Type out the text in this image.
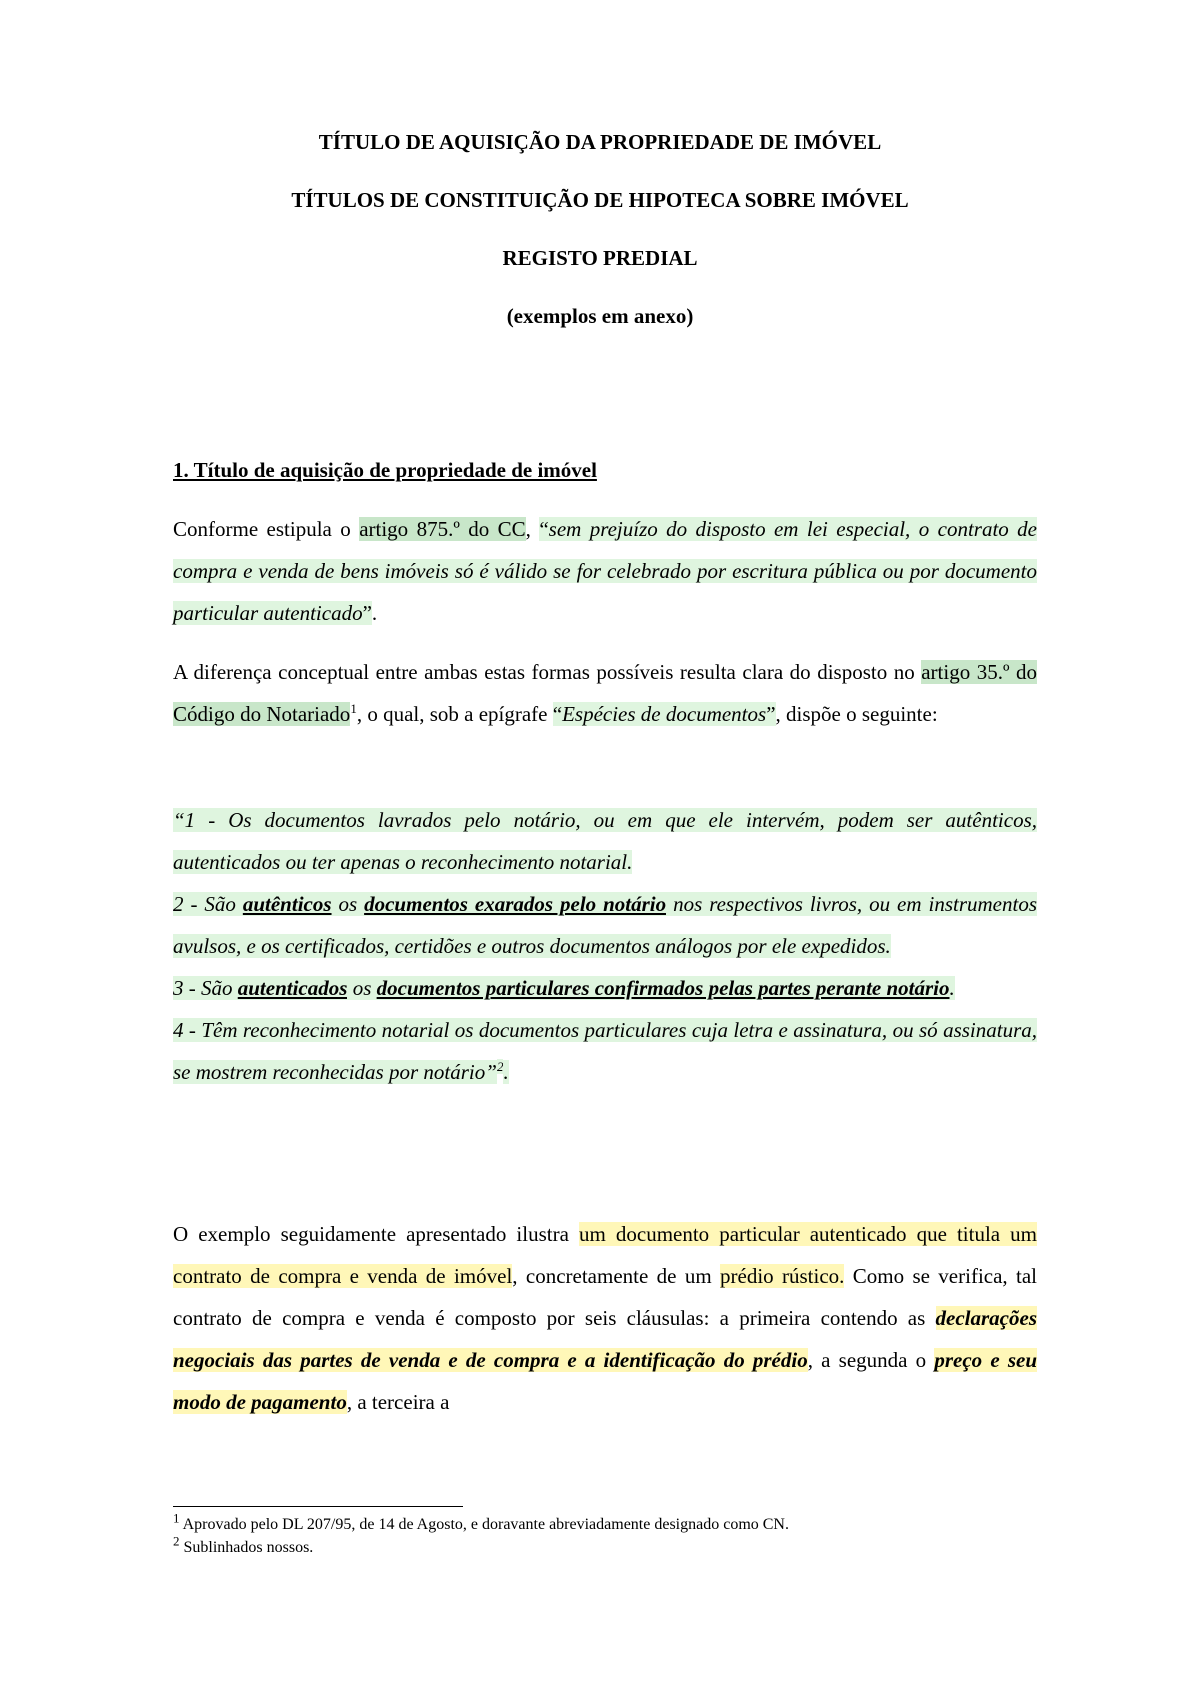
TÍTULO DE AQUISIÇÃO DA PROPRIEDADE DE IMÓVEL

TÍTULOS DE CONSTITUIÇÃO DE HIPOTECA SOBRE IMÓVEL

REGISTO PREDIAL

(exemplos em anexo)

1. Título de aquisição de propriedade de imóvel

Conforme estipula o artigo 875.º do CC, “sem prejuízo do disposto em lei especial, o contrato de compra e venda de bens imóveis só é válido se for celebrado por escritura pública ou por documento particular autenticado”.

A diferença conceptual entre ambas estas formas possíveis resulta clara do disposto no artigo 35.º do Código do Notariado$^1$, o qual, sob a epígrafe “Espécies de documentos”, dispõe o seguinte:

“1 - Os documentos lavrados pelo notário, ou em que ele intervém, podem ser autênticos, autenticados ou ter apenas o reconhecimento notarial.

2 - São autênticos os documentos exarados pelo notário nos respectivos livros, ou em instrumentos avulsos, e os certificados, certidões e outros documentos análogos por ele expedidos.

3 - São autenticados os documentos particulares confirmados pelas partes perante notário.

4 - Têm reconhecimento notarial os documentos particulares cuja letra e assinatura, ou só assinatura, se mostrem reconhecidas por notário”$^2$.

O exemplo seguidamente apresentado ilustra um documento particular autenticado que titula um contrato de compra e venda de imóvel, concretamente de um prédio rústico. Como se verifica, tal contrato de compra e venda é composto por seis cláusulas: a primeira contendo as declarações negociais das partes de venda e de compra e a identificação do prédio, a segunda o preço e seu modo de pagamento, a terceira a

$^1$ Aprovado pelo DL 207/95, de 14 de Agosto, e doravante abreviadamente designado como CN.
$^2$ Sublinhados nossos.
